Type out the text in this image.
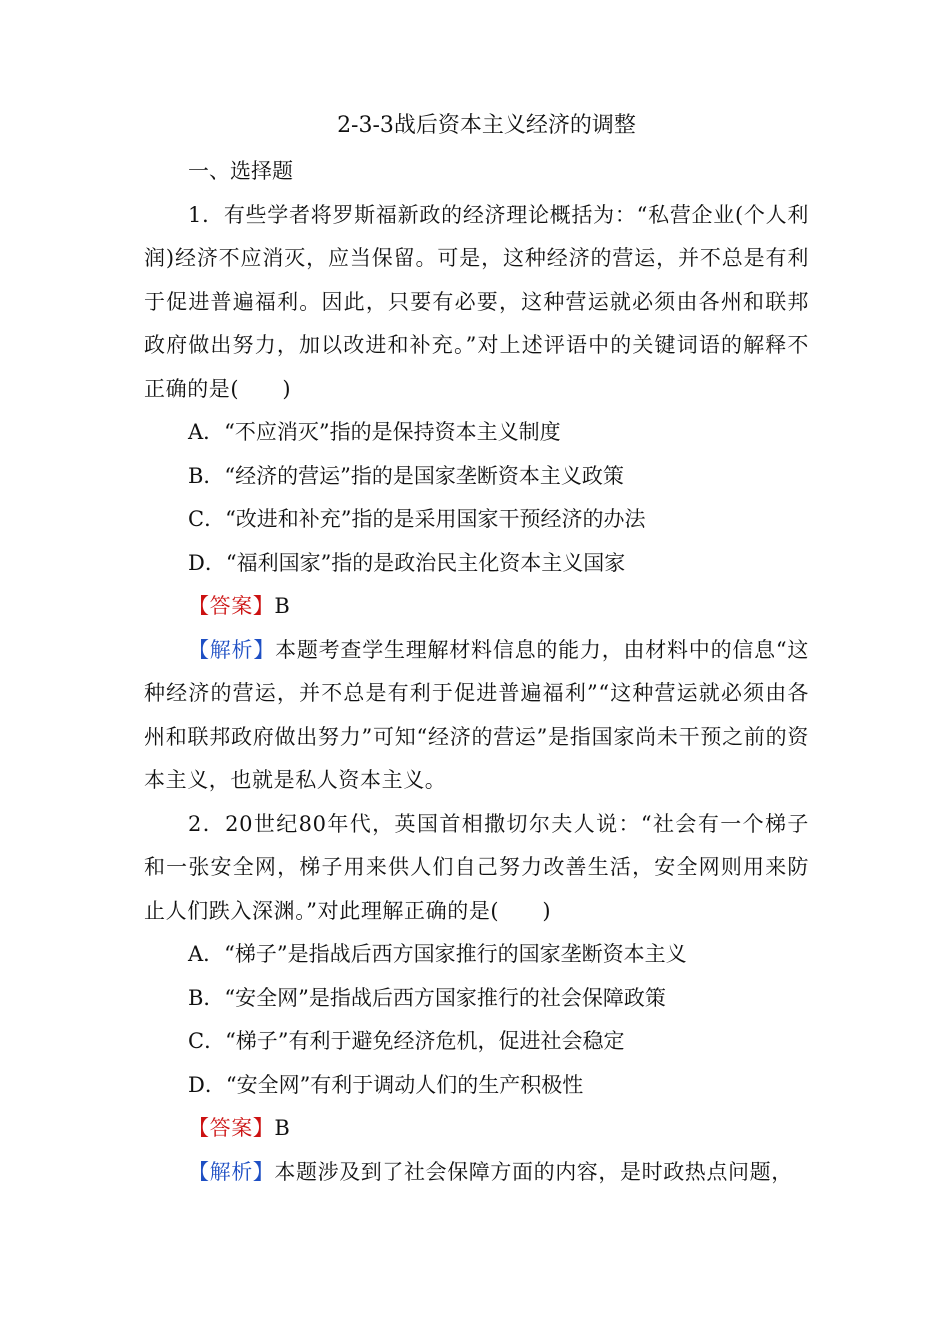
2-3-3战后资本主义经济的调整

一、选择题

1．有些学者将罗斯福新政的经济理论概括为：“私营企业(个人利润)经济不应消灭，应当保留。可是，这种经济的营运，并不总是有利于促进普遍福利。因此，只要有必要，这种营运就必须由各州和联邦政府做出努力，加以改进和补充。”对上述评语中的关键词语的解释不正确的是(　　)

A．“不应消灭”指的是保持资本主义制度

B．“经济的营运”指的是国家垄断资本主义政策

C．“改进和补充”指的是采用国家干预经济的办法

D．“福利国家”指的是政治民主化资本主义国家

【答案】B

【解析】本题考查学生理解材料信息的能力，由材料中的信息“这种经济的营运，并不总是有利于促进普遍福利”“这种营运就必须由各州和联邦政府做出努力”可知“经济的营运”是指国家尚未干预之前的资本主义，也就是私人资本主义。

2．20世纪80年代，英国首相撒切尔夫人说：“社会有一个梯子和一张安全网，梯子用来供人们自己努力改善生活，安全网则用来防止人们跌入深渊。”对此理解正确的是(　　)

A．“梯子”是指战后西方国家推行的国家垄断资本主义

B．“安全网”是指战后西方国家推行的社会保障政策

C．“梯子”有利于避免经济危机，促进社会稳定

D．“安全网”有利于调动人们的生产积极性

【答案】B

【解析】本题涉及到了社会保障方面的内容，是时政热点问题，
